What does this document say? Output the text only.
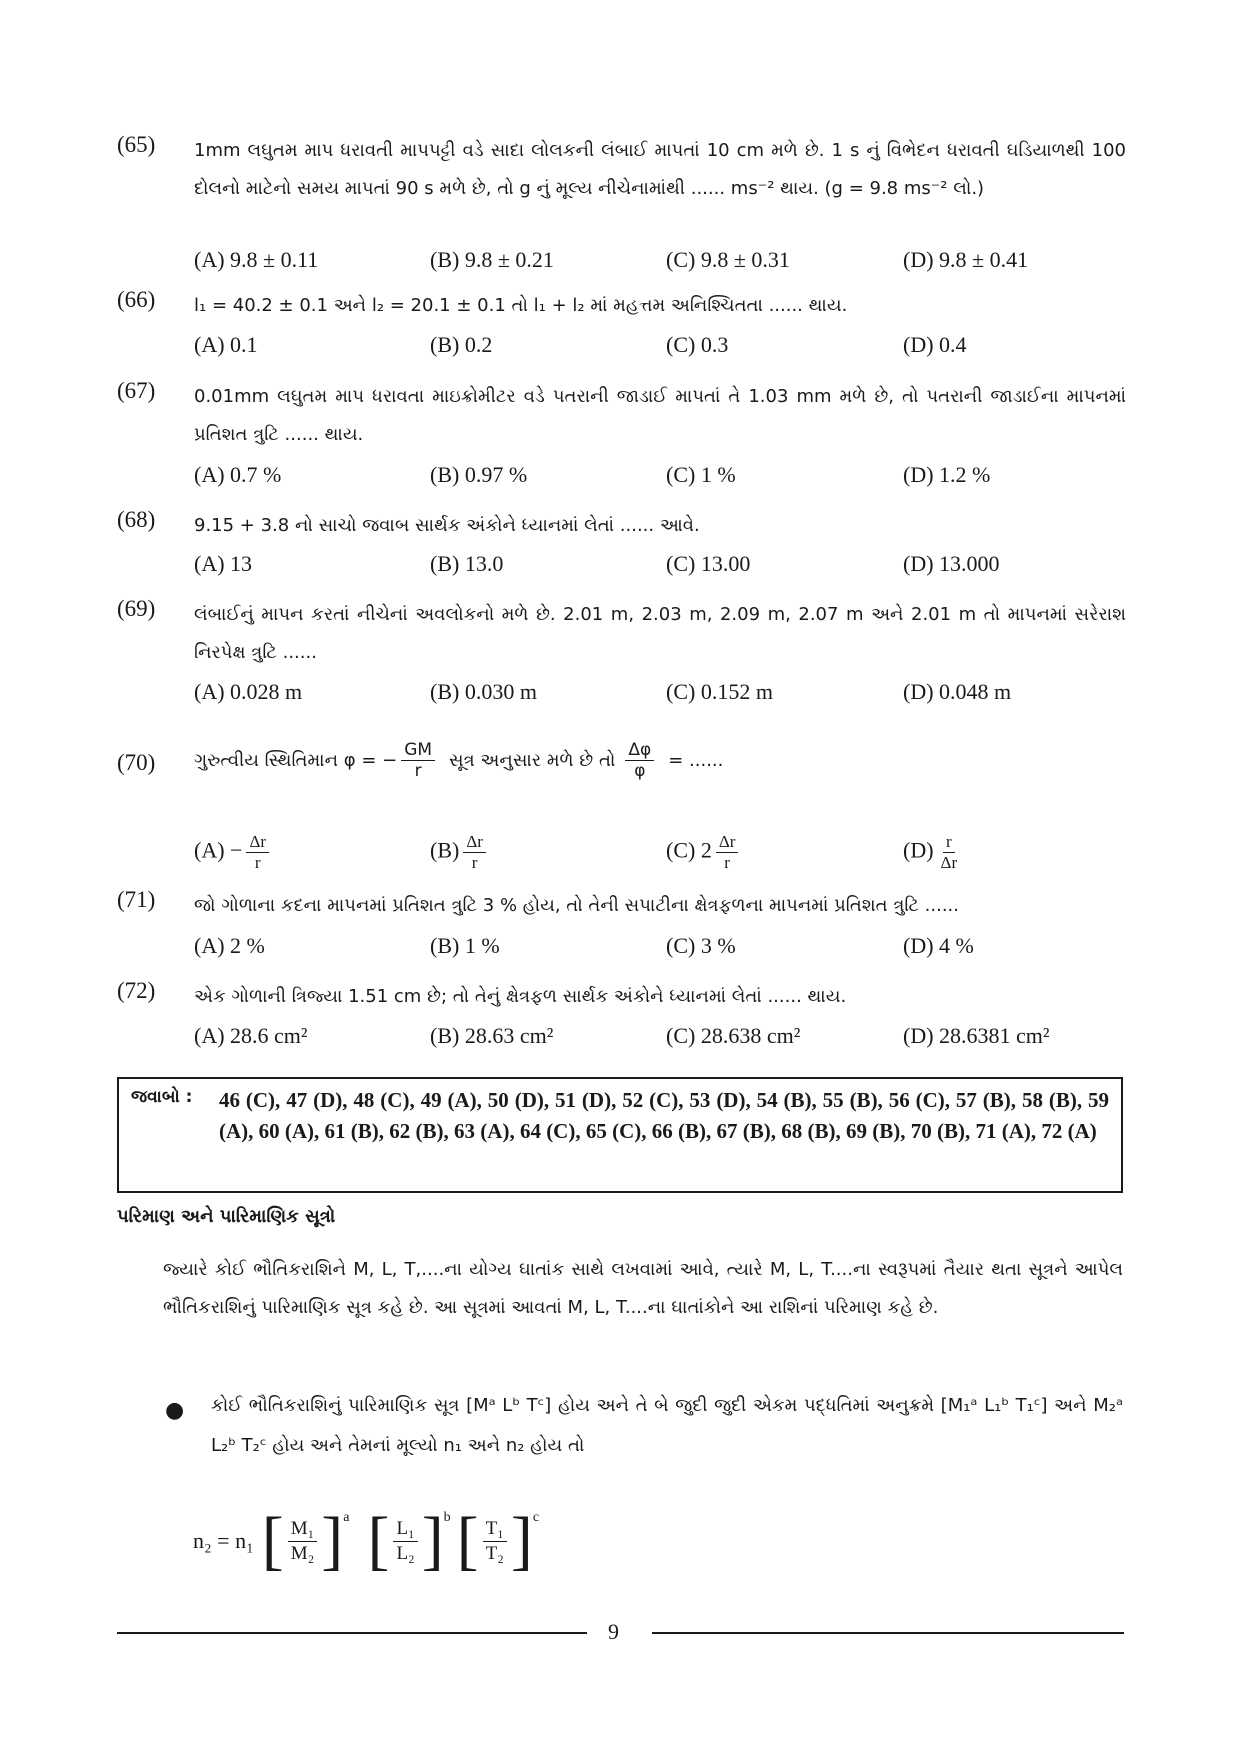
(65) 1mm લઘુતમ માપ ધરાવતી માપપટ્ટી વડે સાદા લોલકની લંબાઈ માપતાં 10 cm મળે છે. 1 s નું વિભેદન ધરાવતી ઘડિયાળથી 100 દોલનો માટેનો સમય માપતાં 90 s મળે છે, તો g નું મૂલ્ય નીચેનામાંથી ...... ms⁻² થાય. (g = 9.8 ms⁻² લો.)
(A) 9.8 ± 0.11	(B) 9.8 ± 0.21	(C) 9.8 ± 0.31	(D) 9.8 ± 0.41
(66) l₁ = 40.2 ± 0.1 અને l₂ = 20.1 ± 0.1 તો l₁ + l₂ માં મહત્તમ અનિશ્ચિતતા ...... થાય.
(A) 0.1	(B) 0.2	(C) 0.3	(D) 0.4
(67) 0.01mm લઘુતમ માપ ધરાવતા માઇક્રોમીટર વડે પતરાની જાડાઈ માપતાં તે 1.03 mm મળે છે, તો પતરાની જાડાઈના માપનમાં પ્રતિશત ત્રુટિ ...... થાય.
(A) 0.7 %	(B) 0.97 %	(C) 1 %	(D) 1.2 %
(68) 9.15 + 3.8 નો સાચો જવાબ સાર્થક અંકોને ધ્યાનમાં લેતાં ...... આવે.
(A) 13	(B) 13.0	(C) 13.00	(D) 13.000
(69) લંબાઈનું માપન કરતાં નીચેનાં અવલોકનો મળે છે. 2.01 m, 2.03 m, 2.09 m, 2.07 m અને 2.01 m તો માપનમાં સરેરાશ નિરપેક્ષ ત્રુટિ ......
(A) 0.028 m	(B) 0.030 m	(C) 0.152 m	(D) 0.048 m
(70) ગુરુત્વીય સ્થિતિમાન φ = − $\frac{GM}{r}$ સૂત્ર અનુસાર મળે છે તો $\frac{\Delta\varphi}{\varphi}$ = ......
$(A) - \frac{\Delta r}{r}$	$(B) \frac{\Delta r}{r}$	(C) $2 \frac{\Delta r}{r}$	$(D) \frac{r}{\Delta r}$
(71) જો ગોળાના કદના માપનમાં પ્રતિશત ત્રુટિ 3 % હોય, તો તેની સપાટીના ક્ષેત્રફળના માપનમાં પ્રતિશત ત્રુટિ ......
(A) 2 %	(B) 1 %	(C) 3 %	(D) 4 %
(72) એક ગોળાની ત્રિજ્યા 1.51 cm છે; તો તેનું ક્ષેત્રફળ સાર્થક અંકોને ધ્યાનમાં લેતાં ...... થાય.
(A) 28.6 cm²	(B) 28.63 cm²	(C) 28.638 cm²	(D) 28.6381 cm²
જવાબો : 46 (C), 47 (D), 48 (C), 49 (A), 50 (D), 51 (D), 52 (C), 53 (D), 54 (B), 55 (B), 56 (C), 57 (B), 58 (B), 59 (A), 60 (A), 61 (B), 62 (B), 63 (A), 64 (C), 65 (C), 66 (B), 67 (B), 68 (B), 69 (B), 70 (B), 71 (A), 72 (A)
પરિમાણ અને પારિમાણિક સૂત્રો
જ્યારે કોઈ ભૌતિકરાશિને M, L, T,....ના યોગ્ય ઘાતાંક સાથે લખવામાં આવે, ત્યારે M, L, T....ના સ્વરૂપમાં તૈયાર થતા સૂત્રને આપેલ ભૌતિકરાશિનું પારિમાણિક સૂત્ર કહે છે. આ સૂત્રમાં આવતાં M, L, T....ના ઘાતાંકોને આ રાશિનાં પરિમાણ કહે છે.
● કોઈ ભૌતિકરાશિનું પારિમાણિક સૂત્ર [Mᵃ Lᵇ Tᶜ] હોય અને તે બે જુદી જુદી એકમ પદ્ધતિમાં અનુક્રમે [M₁ᵃ L₁ᵇ T₁ᶜ] અને M₂ᵃ L₂ᵇ T₂ᶜ હોય અને તેમનાં મૂલ્યો n₁ અને n₂ હોય તો
n₂ = n₁ [ $\frac{\text{M₁}}{\text{M₂}} ]^a$ [ $\frac{\text{L₁}}{\text{L₂}} ]^b$ [ $\frac{\text{T₁}}{\text{T₂}} ]^c$
9
